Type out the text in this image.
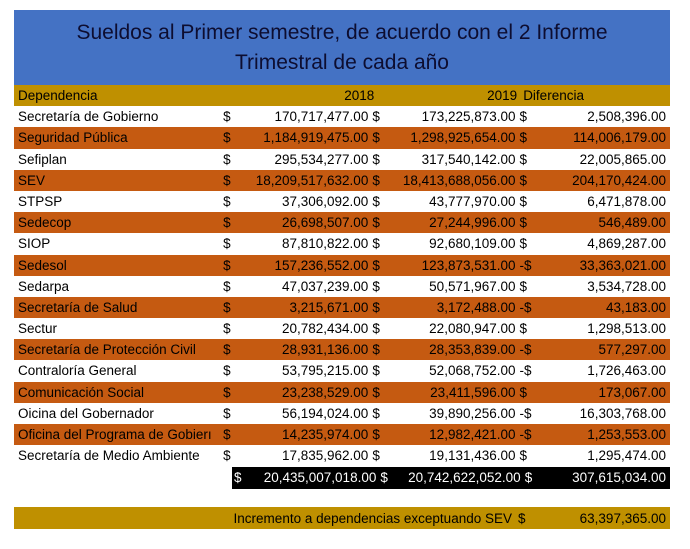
Sueldos al Primer semestre, de acuerdo con el 2 Informe
Trimestral de cada año
Dependencia	2018	2019 Diferencia
Secretaría de Gobierno	$	170,717,477.00 $	173,225,873.00 $	2,508,396.00
Seguridad Pública	$	1,184,919,475.00 $	1,298,925,654.00 $	114,006,179.00
Sefiplan	$	295,534,277.00 $	317,540,142.00 $	22,005,865.00
SEV	$	18,209,517,632.00 $	18,413,688,056.00 $	204,170,424.00
STPSP	$	37,306,092.00 $	43,777,970.00 $	6,471,878.00
Sedecop	$	26,698,507.00 $	27,244,996.00 $	546,489.00
SIOP	$	87,810,822.00 $	92,680,109.00 $	4,869,287.00
Sedesol	$	157,236,552.00 $	123,873,531.00 -$	33,363,021.00
Sedarpa	$	47,037,239.00 $	50,571,967.00 $	3,534,728.00
Secretaría de Salud	$	3,215,671.00 $	3,172,488.00 -$	43,183.00
Sectur	$	20,782,434.00 $	22,080,947.00 $	1,298,513.00
Secretaría de Protección Civil	$	28,931,136.00 $	28,353,839.00 -$	577,297.00
Contraloría General	$	53,795,215.00 $	52,068,752.00 -$	1,726,463.00
Comunicación Social	$	23,238,529.00 $	23,411,596.00 $	173,067.00
Oicina del Gobernador	$	56,194,024.00 $	39,890,256.00 -$	16,303,768.00
Oficina del Programa de Gobierı $	14,235,974.00 $	12,982,421.00 -$	1,253,553.00
Secretaría de Medio Ambiente	$	17,835,962.00 $	19,131,436.00 $	1,295,474.00
$	20,435,007,018.00 $	20,742,622,052.00 $	307,615,034.00
Incremento a dependencias exceptuando SEV $	63,397,365.00
